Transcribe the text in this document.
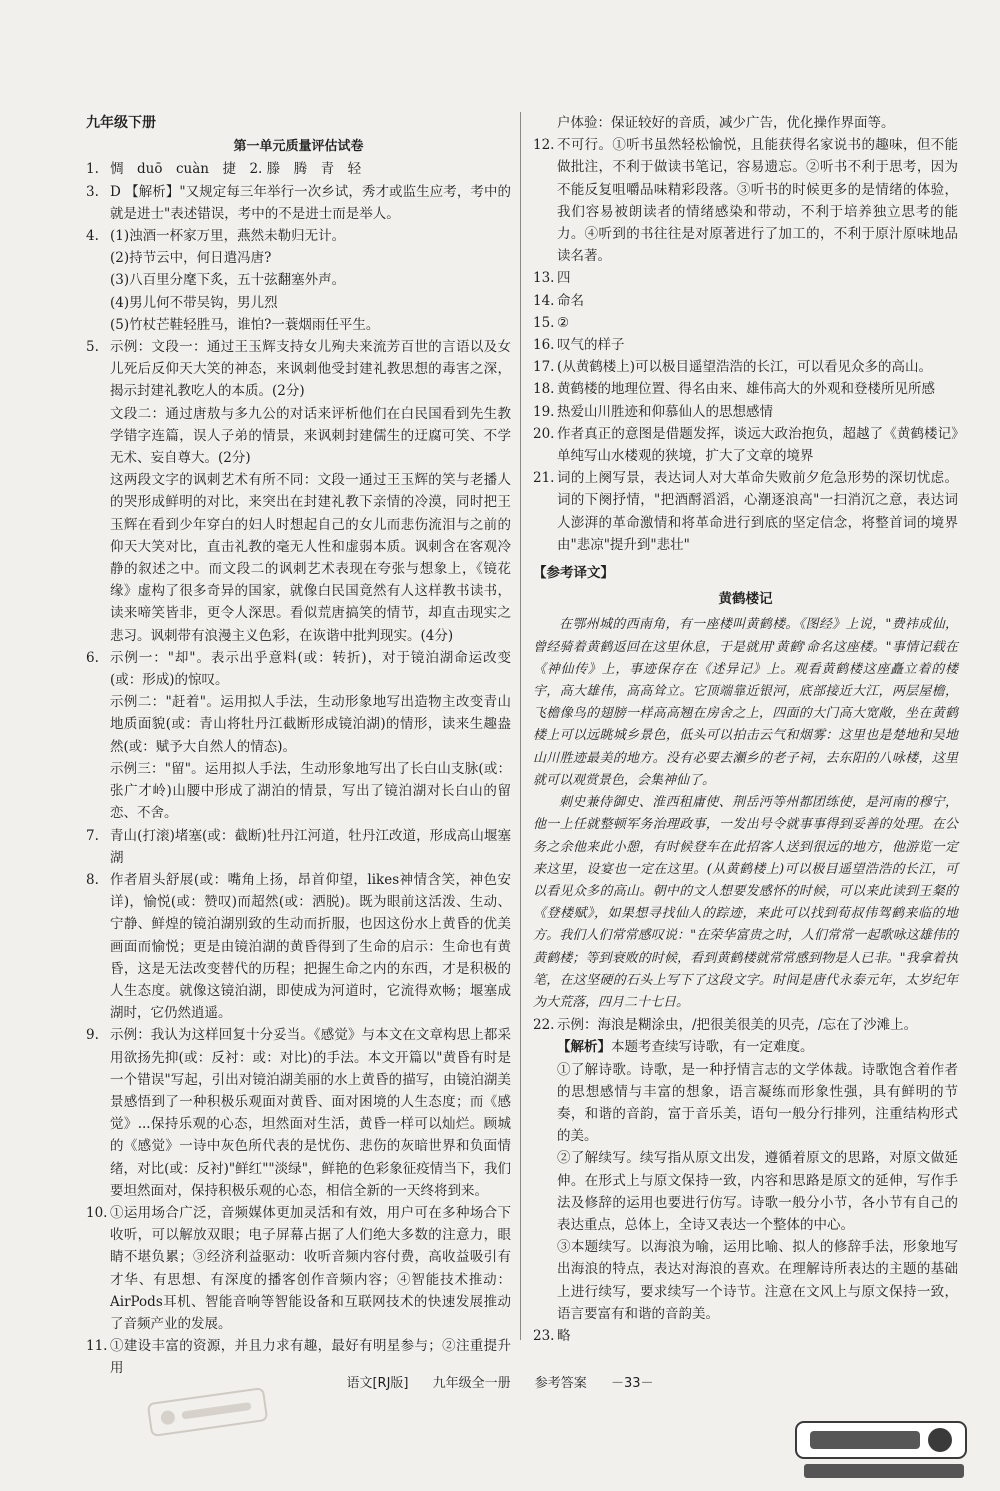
九年级下册
第一单元质量评估试卷

1. 惆　duō　cuàn　捷　2. 滕　腾　青　轻

3. D 【解析】"又规定每三年举行一次乡试，秀才或监生应考，考中的就是进士"表述错误，考中的不是进士而是举人。

4. (1)浊酒一杯家万里，燕然未勒归无计。

(2)持节云中，何日遣冯唐?

(3)八百里分麾下炙，五十弦翻塞外声。

(4)男儿何不带吴钩，男儿烈

(5)竹杖芒鞋轻胜马，谁怕?一蓑烟雨任平生。

5. 示例：文段一：通过王玉辉支持女儿殉夫来流芳百世的言语以及女儿死后反仰天大笑的神态，来讽刺他受封建礼教思想的毒害之深，揭示封建礼教吃人的本质。(2分)

文段二：通过唐敖与多九公的对话来评析他们在白民国看到先生教学错字连篇，误人子弟的情景，来讽刺封建儒生的迂腐可笑、不学无术、妄自尊大。(2分)

这两段文字的讽刺艺术有所不同：文段一通过王玉辉的笑与老播人的哭形成鲜明的对比，来突出在封建礼教下亲情的冷漠，同时把王玉辉在看到少年穿白的妇人时想起自己的女儿而悲伤流泪与之前的仰天大笑对比，直击礼教的毫无人性和虚弱本质。讽刺含在客观冷静的叙述之中。而文段二的讽刺艺术表现在夸张与想象上，《镜花缘》虚构了很多奇异的国家，就像白民国竟然有人这样教书读书，读来啼笑皆非，更令人深思。看似荒唐搞笑的情节，却直击现实之悲习。讽刺带有浪漫主义色彩，在诙谐中批判现实。(4分)

6. 示例一："却"。表示出乎意料(或：转折)，对于镜泊湖命运改变(或：形成)的惊叹。

示例二："赶着"。运用拟人手法，生动形象地写出造物主改变青山地质面貌(或：青山将牡丹江截断形成镜泊湖)的情形，读来生趣盎然(或：赋予大自然人的情态)。

示例三："留"。运用拟人手法，生动形象地写出了长白山支脉(或：张广才岭)山腰中形成了湖泊的情景，写出了镜泊湖对长白山的留恋、不舍。

7. 青山(打滚)堵塞(或：截断)牡丹江河道，牡丹江改道，形成高山堰塞湖

8. 作者眉头舒展(或：嘴角上扬，昂首仰望，likes神情含笑，神色安详)，愉悦(或：赞叹)而超然(或：洒脱)。既为眼前这活泼、生动、宁静、鲜煌的镜泊湖别致的生动而折服，也因这份水上黄昏的优美画面而愉悦；更是由镜泊湖的黄昏得到了生命的启示：生命也有黄昏，这是无法改变替代的历程；把握生命之内的东西，才是积极的人生态度。就像这镜泊湖，即使成为河道时，它流得欢畅；堰塞成湖时，它仍然逍遥。

9. 示例：我认为这样回复十分妥当。《感觉》与本文在文章构思上都采用欲扬先抑(或：反衬：或：对比)的手法。本文开篇以"黄昏有时是一个错误"写起，引出对镜泊湖美丽的水上黄昏的描写，由镜泊湖美景感悟到了一种积极乐观面对黄昏、面对困境的人生态度；而《感觉》...保持乐观的心态，坦然面对生活，黄昏一样可以灿烂。顾城的《感觉》一诗中灰色所代表的是忧伤、悲伤的灰暗世界和负面情绪，对比(或：反衬)"鲜红""淡绿"，鲜艳的色彩象征疫情当下，我们要坦然面对，保持积极乐观的心态，相信全新的一天终将到来。

10. ①运用场合广泛，音频媒体更加灵活和有效，用户可在多种场合下收听，可以解放双眼；电子屏幕占据了人们绝大多数的注意力，眼睛不堪负累；③经济利益驱动：收听音频内容付费，高收益吸引有才华、有思想、有深度的播客创作音频内容；④智能技术推动：AirPods耳机、智能音响等智能设备和互联网技术的快速发展推动了音频产业的发展。

11. ①建设丰富的资源，并且力求有趣，最好有明星参与；②注重提升用

户体验：保证较好的音质，减少广告，优化操作界面等。

12. 不可行。①听书虽然轻松愉悦，且能获得名家说书的趣味，但不能做批注，不利于做读书笔记，容易遗忘。②听书不利于思考，因为不能反复咀嚼品味精彩段落。③听书的时候更多的是情绪的体验，我们容易被朗读者的情绪感染和带动，不利于培养独立思考的能力。④听到的书往往是对原著进行了加工的，不利于原汁原味地品读名著。

13. 四

14. 命名

15. ②

16. 叹气的样子

17. (从黄鹤楼上)可以极目遥望浩浩的长江，可以看见众多的高山。

18. 黄鹤楼的地理位置、得名由来、雄伟高大的外观和登楼所见所感

19. 热爱山川胜迹和仰慕仙人的思想感情

20. 作者真正的意图是借题发挥，谈远大政治抱负，超越了《黄鹤楼记》单纯写山水楼观的狭境，扩大了文章的境界

21. 词的上阕写景，表达词人对大革命失败前夕危急形势的深切忧虑。词的下阕抒情，"把酒酹滔滔，心潮逐浪高"一扫消沉之意，表达词人澎湃的革命激情和将革命进行到底的坚定信念，将整首词的境界由"悲凉"提升到"悲壮"

【参考译文】
黄鹤楼记

在鄂州城的西南角，有一座楼叫黄鹤楼。《图经》上说，"费祎成仙，曾经骑着黄鹤返回在这里休息，于是就用'黄鹤'命名这座楼。"事情记载在《神仙传》上，事迹保存在《述异记》上。观看黄鹤楼这座矗立着的楼宇，高大雄伟，高高耸立。它顶端靠近银河，底部接近大江，两层屋檐，飞檐像鸟的翅膀一样高高翘在房舍之上，四面的大门高大宽敞，坐在黄鹤楼上可以远眺城乡景色，低头可以拍击云气和烟雾：这里也是楚地和吴地山川胜迹最美的地方。没有必要去瀬乡的老子祠，去东阳的八咏楼，这里就可以观赏景色，会集神仙了。

刺史兼侍御史、淮西租庸使、荆岳沔等州都团练使，是河南的穆宁，他一上任就整顿军务治理政事，一发出号令就事事得到妥善的处理。在公务之余他来此小憩，有时候登车在此招客人送到很远的地方，他游览一定来这里，设宴也一定在这里。(从黄鹤楼上)可以极目遥望浩浩的长江，可以看见众多的高山。朝中的文人想要发感怀的时候，可以来此读到王粲的《登楼赋》，如果想寻找仙人的踪迹，来此可以找到荀叔伟驾鹤来临的地方。我们人们常常感叹说："在荣华富贵之时，人们常常一起歌咏这雄伟的黄鹤楼；等到衰败的时候，看到黄鹤楼就常常感到物是人已非。"我拿着执笔，在这坚硬的石头上写下了这段文字。时间是唐代永泰元年，太岁纪年为大荒落，四月二十七日。

22. 示例：海浪是糊涂虫，/把很美很美的贝壳，/忘在了沙滩上。

【解析】本题考查续写诗歌，有一定难度。

①了解诗歌。诗歌，是一种抒情言志的文学体裁。诗歌饱含着作者的思想感情与丰富的想象，语言凝练而形象性强，具有鲜明的节奏，和谐的音韵，富于音乐美，语句一般分行排列，注重结构形式的美。

②了解续写。续写指从原文出发，遵循着原文的思路，对原文做延伸。在形式上与原文保持一致，内容和思路是原文的延伸，写作手法及修辞的运用也要进行仿写。诗歌一般分小节，各小节有自己的表达重点，总体上，全诗又表达一个整体的中心。

③本题续写。以海浪为喻，运用比喻、拟人的修辞手法，形象地写出海浪的特点，表达对海浪的喜欢。在理解诗所表达的主题的基础上进行续写，要求续写一个诗节。注意在文风上与原文保持一致，语言要富有和谐的音韵美。

23. 略

语文[RJ版] 九年级全一册 参考答案 －33－
